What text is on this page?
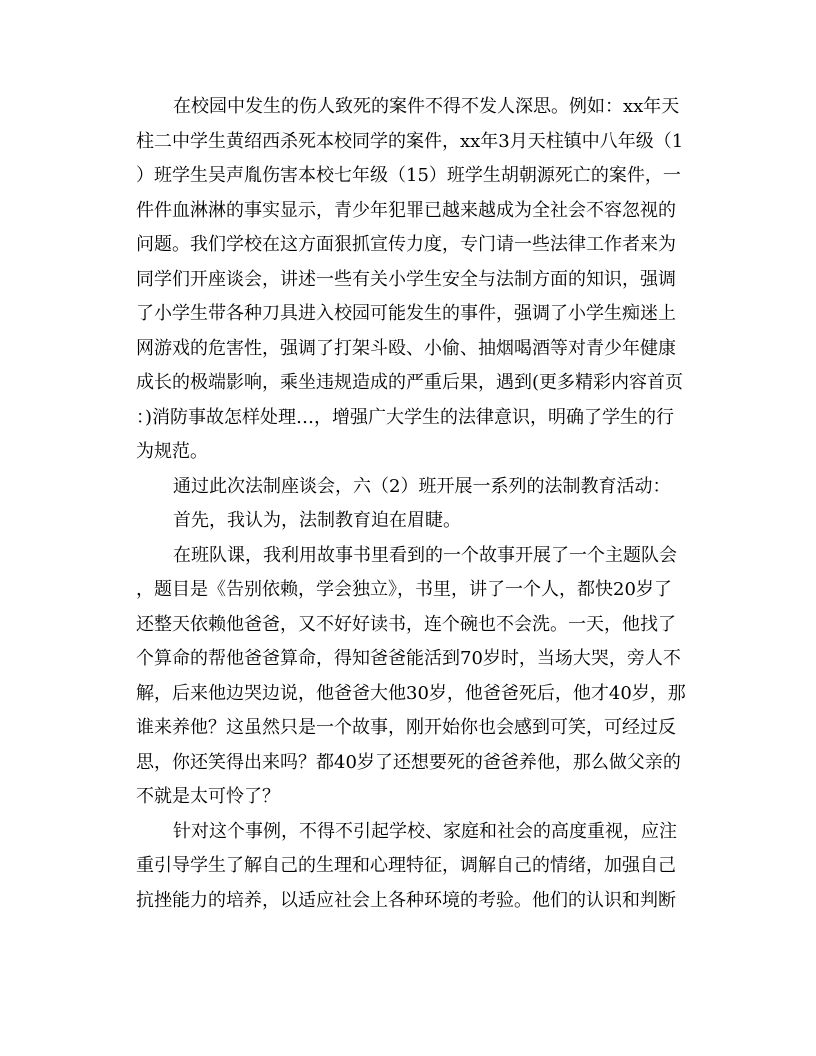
在校园中发生的伤人致死的案件不得不发人深思。例如：xx年天
柱二中学生黄绍西杀死本校同学的案件，xx年3月天柱镇中八年级（1
）班学生吴声胤伤害本校七年级（15）班学生胡朝源死亡的案件，一
件件血淋淋的事实显示，青少年犯罪已越来越成为全社会不容忽视的
问题。我们学校在这方面狠抓宣传力度，专门请一些法律工作者来为
同学们开座谈会，讲述一些有关小学生安全与法制方面的知识，强调
了小学生带各种刀具进入校园可能发生的事件，强调了小学生痴迷上
网游戏的危害性，强调了打架斗殴、小偷、抽烟喝酒等对青少年健康
成长的极端影响，乘坐违规造成的严重后果，遇到(更多精彩内容首页
：)消防事故怎样处理…，增强广大学生的法律意识，明确了学生的行
为规范。
通过此次法制座谈会，六（2）班开展一系列的法制教育活动：
首先，我认为，法制教育迫在眉睫。
在班队课，我利用故事书里看到的一个故事开展了一个主题队会
，题目是《告别依赖，学会独立》，书里，讲了一个人，都快20岁了
还整天依赖他爸爸，又不好好读书，连个碗也不会洗。一天，他找了
个算命的帮他爸爸算命，得知爸爸能活到70岁时，当场大哭，旁人不
解，后来他边哭边说，他爸爸大他30岁，他爸爸死后，他才40岁，那
谁来养他？这虽然只是一个故事，刚开始你也会感到可笑，可经过反
思，你还笑得出来吗？都40岁了还想要死的爸爸养他，那么做父亲的
不就是太可怜了？
针对这个事例，不得不引起学校、家庭和社会的高度重视，应注
重引导学生了解自己的生理和心理特征，调解自己的情绪，加强自己
抗挫能力的培养，以适应社会上各种环境的考验。他们的认识和判断
